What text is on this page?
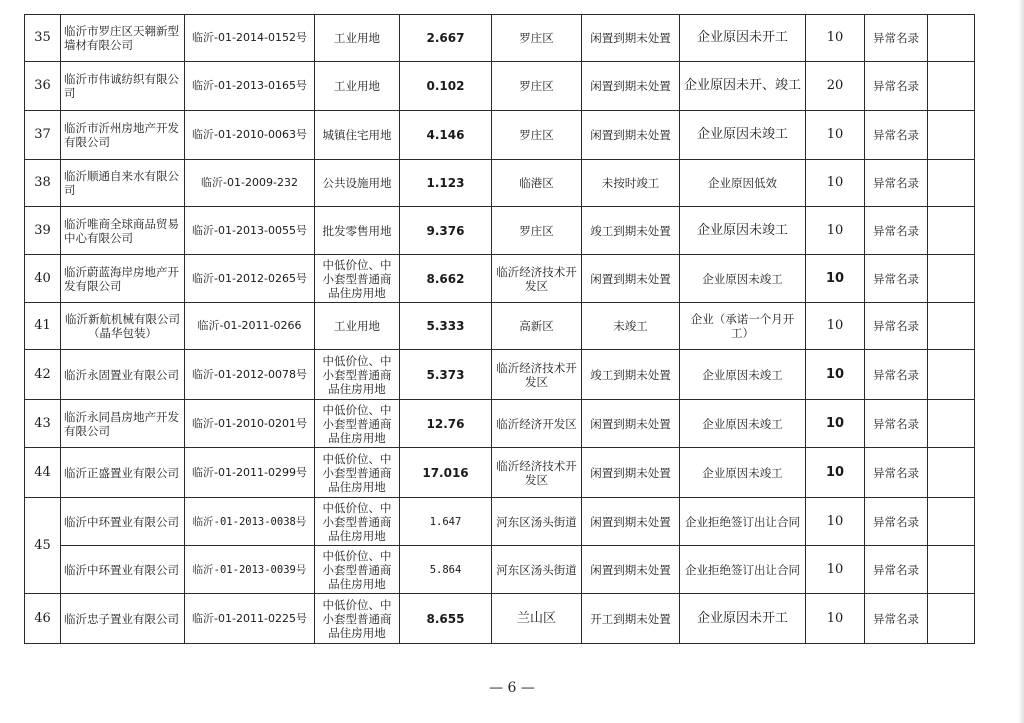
35	临沂市罗庄区天翱新型墙材有限公司	临沂-01-2014-0152号	工业用地	2.667	罗庄区	闲置到期未处置	企业原因未开工	10	异常名录	
36	临沂市伟诚纺织有限公司	临沂-01-2013-0165号	工业用地	0.102	罗庄区	闲置到期未处置	企业原因未开、竣工	20	异常名录	
37	临沂市沂州房地产开发有限公司	临沂-01-2010-0063号	城镇住宅用地	4.146	罗庄区	闲置到期未处置	企业原因未竣工	10	异常名录	
38	临沂顺通自来水有限公司	临沂-01-2009-232	公共设施用地	1.123	临港区	未按时竣工	企业原因低效	10	异常名录	
39	临沂唯商全球商品贸易中心有限公司	临沂-01-2013-0055号	批发零售用地	9.376	罗庄区	竣工到期未处置	企业原因未竣工	10	异常名录	
40	临沂蔚蓝海岸房地产开发有限公司	临沂-01-2012-0265号	中低价位、中小套型普通商品住房用地	8.662	临沂经济技术开发区	闲置到期未处置	企业原因未竣工	10	异常名录	
41	临沂新航机械有限公司（晶华包装）	临沂-01-2011-0266	工业用地	5.333	高新区	未竣工	企业（承诺一个月开工）	10	异常名录	
42	临沂永固置业有限公司	临沂-01-2012-0078号	中低价位、中小套型普通商品住房用地	5.373	临沂经济技术开发区	竣工到期未处置	企业原因未竣工	10	异常名录	
43	临沂永同昌房地产开发有限公司	临沂-01-2010-0201号	中低价位、中小套型普通商品住房用地	12.76	临沂经济开发区	闲置到期未处置	企业原因未竣工	10	异常名录	
44	临沂正盛置业有限公司	临沂-01-2011-0299号	中低价位、中小套型普通商品住房用地	17.016	临沂经济技术开发区	闲置到期未处置	企业原因未竣工	10	异常名录	
45	临沂中环置业有限公司	临沂-01-2013-0038号	中低价位、中小套型普通商品住房用地	1.647	河东区汤头街道	闲置到期未处置	企业拒绝签订出让合同	10	异常名录	
	临沂中环置业有限公司	临沂-01-2013-0039号	中低价位、中小套型普通商品住房用地	5.864	河东区汤头街道	闲置到期未处置	企业拒绝签订出让合同	10	异常名录	
46	临沂忠子置业有限公司	临沂-01-2011-0225号	中低价位、中小套型普通商品住房用地	8.655	兰山区	开工到期未处置	企业原因未开工	10	异常名录	
— 6 —
